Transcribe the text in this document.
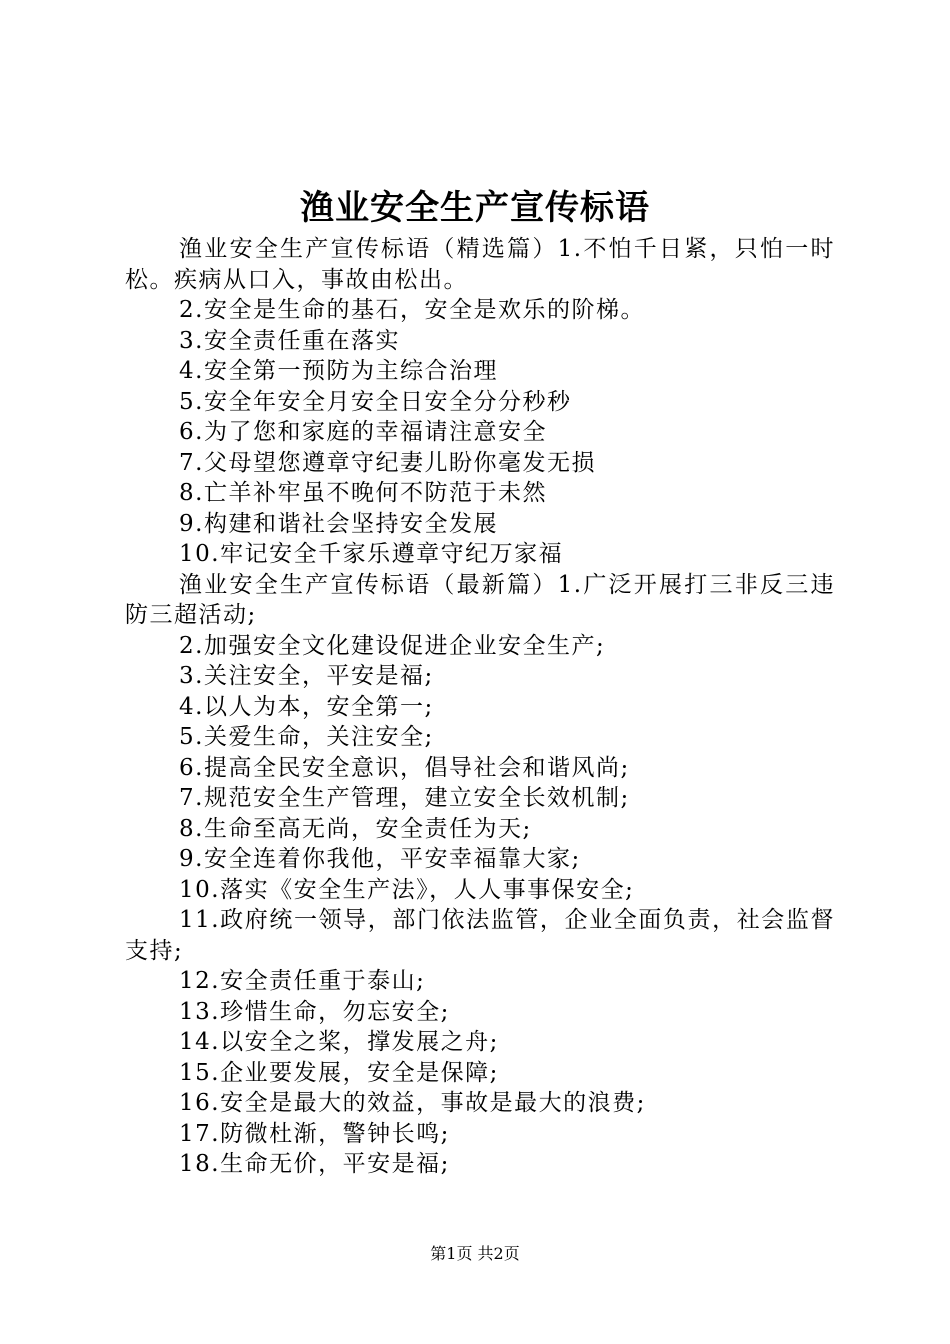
渔业安全生产宣传标语

渔业安全生产宣传标语（精选篇）1.不怕千日紧，只怕一时松。疾病从口入，事故由松出。

2.安全是生命的基石，安全是欢乐的阶梯。

3.安全责任重在落实

4.安全第一预防为主综合治理

5.安全年安全月安全日安全分分秒秒

6.为了您和家庭的幸福请注意安全

7.父母望您遵章守纪妻儿盼你毫发无损

8.亡羊补牢虽不晚何不防范于未然

9.构建和谐社会坚持安全发展

10.牢记安全千家乐遵章守纪万家福

渔业安全生产宣传标语（最新篇）1.广泛开展打三非反三违防三超活动;

2.加强安全文化建设促进企业安全生产;

3.关注安全，平安是福;

4.以人为本，安全第一;

5.关爱生命，关注安全;

6.提高全民安全意识，倡导社会和谐风尚;

7.规范安全生产管理，建立安全长效机制;

8.生命至高无尚，安全责任为天;

9.安全连着你我他，平安幸福靠大家;

10.落实《安全生产法》，人人事事保安全;

11.政府统一领导，部门依法监管，企业全面负责，社会监督支持;

12.安全责任重于泰山;

13.珍惜生命，勿忘安全;

14.以安全之桨，撑发展之舟;

15.企业要发展，安全是保障;

16.安全是最大的效益，事故是最大的浪费;

17.防微杜渐，警钟长鸣;

18.生命无价，平安是福;

第1页 共2页
